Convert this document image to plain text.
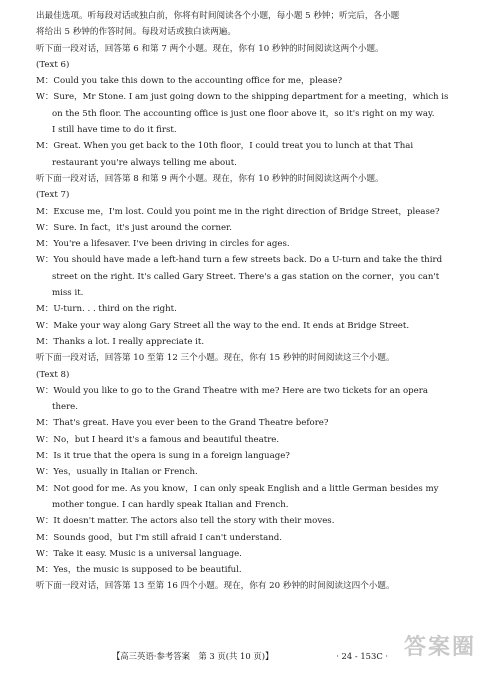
出最佳选项。听每段对话或独白前，你将有时间阅读各个小题，每小题 5 秒钟；听完后，各小题
将给出 5 秒钟的作答时间。每段对话或独白读两遍。
听下面一段对话，回答第 6 和第 7 两个小题。现在，你有 10 秒钟的时间阅读这两个小题。
(Text 6)
M：Could you take this down to the accounting office for me，please?
W：Sure，Mr Stone. I am just going down to the shipping department for a meeting，which is
on the 5th floor. The accounting office is just one floor above it，so it's right on my way.
I still have time to do it first.
M：Great. When you get back to the 10th floor，I could treat you to lunch at that Thai
restaurant you're always telling me about.
听下面一段对话，回答第 8 和第 9 两个小题。现在，你有 10 秒钟的时间阅读这两个小题。
(Text 7)
M：Excuse me，I'm lost. Could you point me in the right direction of Bridge Street，please?
W：Sure. In fact，it's just around the corner.
M：You're a lifesaver. I've been driving in circles for ages.
W：You should have made a left-hand turn a few streets back. Do a U-turn and take the third
street on the right. It's called Gary Street. There's a gas station on the corner，you can't
miss it.
M：U-turn. . . third on the right.
W：Make your way along Gary Street all the way to the end. It ends at Bridge Street.
M：Thanks a lot. I really appreciate it.
听下面一段对话，回答第 10 至第 12 三个小题。现在，你有 15 秒钟的时间阅读这三个小题。
(Text 8)
W：Would you like to go to the Grand Theatre with me? Here are two tickets for an opera
there.
M：That's great. Have you ever been to the Grand Theatre before?
W：No，but I heard it's a famous and beautiful theatre.
M：Is it true that the opera is sung in a foreign language?
W：Yes，usually in Italian or French.
M：Not good for me. As you know，I can only speak English and a little German besides my
mother tongue. I can hardly speak Italian and French.
W：It doesn't matter. The actors also tell the story with their moves.
M：Sounds good，but I'm still afraid I can't understand.
W：Take it easy. Music is a universal language.
M：Yes，the music is supposed to be beautiful.
听下面一段对话，回答第 13 至第 16 四个小题。现在，你有 20 秒钟的时间阅读这四个小题。
【高三英语·参考答案　第 3 页(共 10 页)】　　　　　　　　· 24 - 153C · 答案圈
